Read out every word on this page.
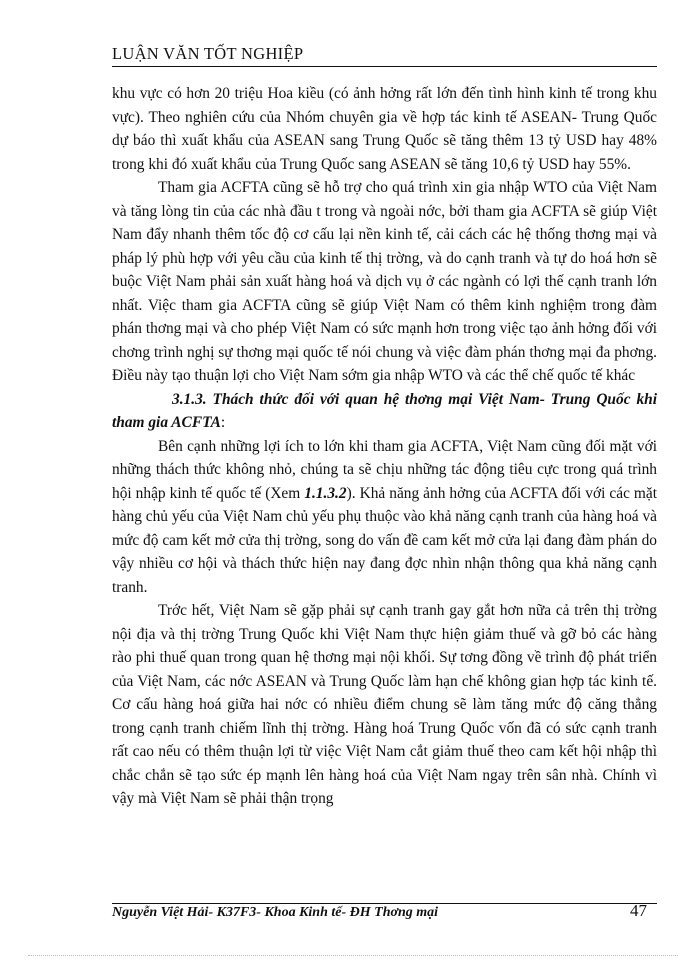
LUẬN VĂN TỐT NGHIỆP

khu vực có hơn 20 triệu Hoa kiều (có ảnh hởng rất lớn đến tình hình kinh tế trong khu vực). Theo nghiên cứu của Nhóm chuyên gia về hợp tác kinh tế ASEAN- Trung Quốc dự báo thì xuất khẩu của ASEAN sang Trung Quốc sẽ tăng thêm 13 tỷ USD hay 48% trong khi đó xuất khẩu của Trung Quốc sang ASEAN sẽ tăng 10,6 tỷ USD hay 55%.

Tham gia ACFTA cũng sẽ hỗ trợ cho quá trình xin gia nhập WTO của Việt Nam và tăng lòng tin của các nhà đầu t trong và ngoài nớc, bởi tham gia ACFTA sẽ giúp Việt Nam đẩy nhanh thêm tốc độ cơ cấu lại nền kinh tế, cải cách các hệ thống thơng mại và pháp lý phù hợp với yêu cầu của kinh tế thị trờng, và do cạnh tranh và tự do hoá hơn sẽ buộc Việt Nam phải sản xuất hàng hoá và dịch vụ ở các ngành có lợi thế cạnh tranh lớn nhất. Việc tham gia ACFTA cũng sẽ giúp Việt Nam có thêm kinh nghiệm trong đàm phán thơng mại và cho phép Việt Nam có sức mạnh hơn trong việc tạo ảnh hởng đối với chơng trình nghị sự thơng mại quốc tế nói chung và việc đàm phán thơng mại đa phơng. Điều này tạo thuận lợi cho Việt Nam sớm gia nhập WTO và các thể chế quốc tế khác

3.1.3. Thách thức đối với quan hệ thơng mại Việt Nam- Trung Quốc khi tham gia ACFTA:

Bên cạnh những lợi ích to lớn khi tham gia ACFTA, Việt Nam cũng đối mặt với những thách thức không nhỏ, chúng ta sẽ chịu những tác động tiêu cực trong quá trình hội nhập kinh tế quốc tế (Xem 1.1.3.2). Khả năng ảnh hởng của ACFTA đối với các mặt hàng chủ yếu của Việt Nam chủ yếu phụ thuộc vào khả năng cạnh tranh của hàng hoá và mức độ cam kết mở cửa thị trờng, song do vấn đề cam kết mở cửa lại đang đàm phán do vậy nhiều cơ hội và thách thức hiện nay đang đợc nhìn nhận thông qua khả năng cạnh tranh.

Trớc hết, Việt Nam sẽ gặp phải sự cạnh tranh gay gắt hơn nữa cả trên thị trờng nội địa và thị trờng Trung Quốc khi Việt Nam thực hiện giảm thuế và gỡ bỏ các hàng rào phi thuế quan trong quan hệ thơng mại nội khối. Sự tơng đồng về trình độ phát triển của Việt Nam, các nớc ASEAN và Trung Quốc làm hạn chế không gian hợp tác kinh tế. Cơ cấu hàng hoá giữa hai nớc có nhiều điểm chung sẽ làm tăng mức độ căng thẳng trong cạnh tranh chiếm lĩnh thị trờng. Hàng hoá Trung Quốc vốn đã có sức cạnh tranh rất cao nếu có thêm thuận lợi từ việc Việt Nam cắt giảm thuế theo cam kết hội nhập thì chắc chắn sẽ tạo sức ép mạnh lên hàng hoá của Việt Nam ngay trên sân nhà. Chính vì vậy mà Việt Nam sẽ phải thận trọng

Nguyễn Việt Hải- K37F3- Khoa Kinh tế- ĐH Thơng mại	47
